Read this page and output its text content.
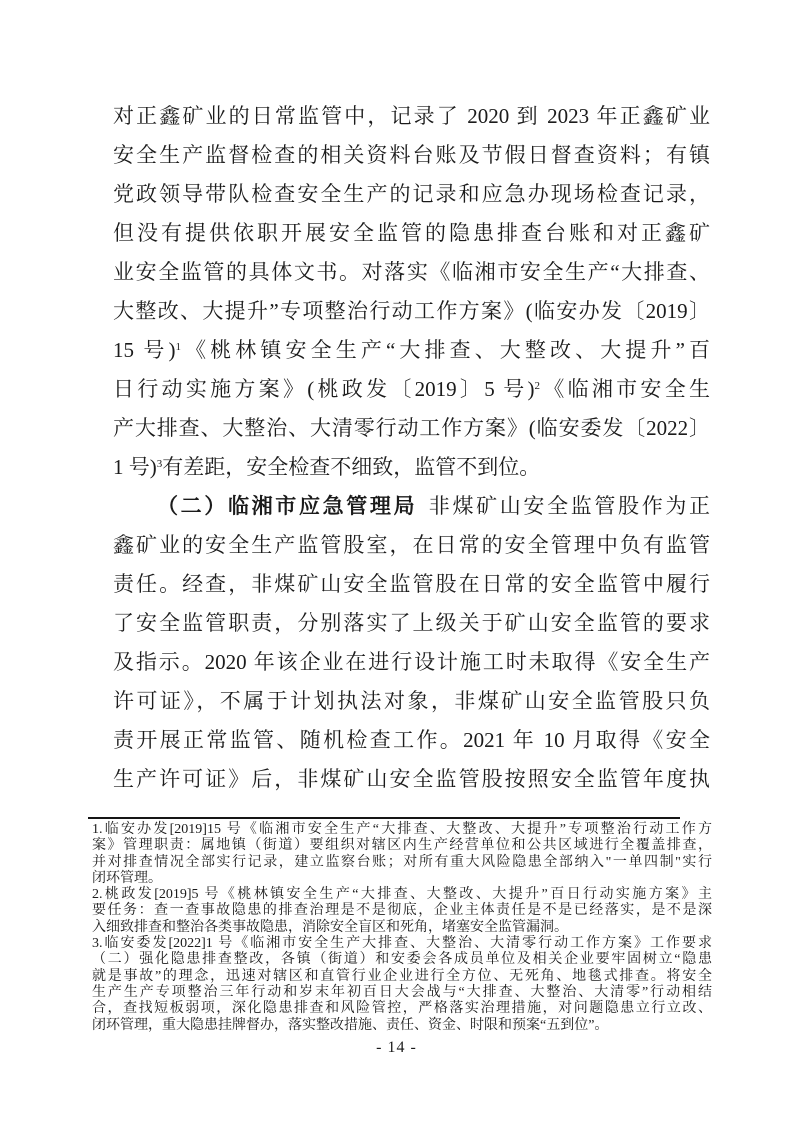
对正鑫矿业的日常监管中，记录了 2020 到 2023 年正鑫矿业
安全生产监督检查的相关资料台账及节假日督查资料；有镇
党政领导带队检查安全生产的记录和应急办现场检查记录，
但没有提供依职开展安全监管的隐患排查台账和对正鑫矿
业安全监管的具体文书。对落实《临湘市安全生产“大排查、
大整改、大提升”专项整治行动工作方案》(临安办发〔2019〕
15 号)$^1$《桃林镇安全生产“大排查、大整改、大提升”百
日行动实施方案》(桃政发〔2019〕5 号)$^2$《临湘市安全生
产大排查、大整治、大清零行动工作方案》(临安委发〔2022〕
1 号)$^3$有差距，安全检查不细致，监管不到位。
（二）临湘市应急管理局 非煤矿山安全监管股作为正
鑫矿业的安全生产监管股室，在日常的安全管理中负有监管
责任。经查，非煤矿山安全监管股在日常的安全监管中履行
了安全监管职责，分别落实了上级关于矿山安全监管的要求
及指示。2020 年该企业在进行设计施工时未取得《安全生产
许可证》，不属于计划执法对象，非煤矿山安全监管股只负
责开展正常监管、随机检查工作。2021 年 10 月取得《安全
生产许可证》后，非煤矿山安全监管股按照安全监管年度执
1.临安办发[2019]15 号《临湘市安全生产“大排查、大整改、大提升”专项整治行动工作方
案》管理职责：属地镇（街道）要组织对辖区内生产经营单位和公共区域进行全覆盖排查，
并对排查情况全部实行记录，建立监察台账；对所有重大风险隐患全部纳入"一单四制"实行
闭环管理。
2.桃政发[2019]5 号《桃林镇安全生产“大排查、大整改、大提升”百日行动实施方案》主
要任务：查一查事故隐患的排查治理是不是彻底，企业主体责任是不是已经落实，是不是深
入细致排查和整治各类事故隐患，消除安全盲区和死角，堵塞安全监管漏洞。
3.临安委发[2022]1 号《临湘市安全生产大排查、大整治、大清零行动工作方案》工作要求
（二）强化隐患排查整改，各镇（街道）和安委会各成员单位及相关企业要牢固树立“隐患
就是事故”的理念，迅速对辖区和直管行业企业进行全方位、无死角、地毯式排查。将安全
生产生产专项整治三年行动和岁末年初百日大会战与“大排查、大整治、大清零”行动相结
合，查找短板弱项，深化隐患排查和风险管控，严格落实治理措施，对问题隐患立行立改、
闭环管理，重大隐患挂牌督办，落实整改措施、责任、资金、时限和预案“五到位”。
- 14 -
